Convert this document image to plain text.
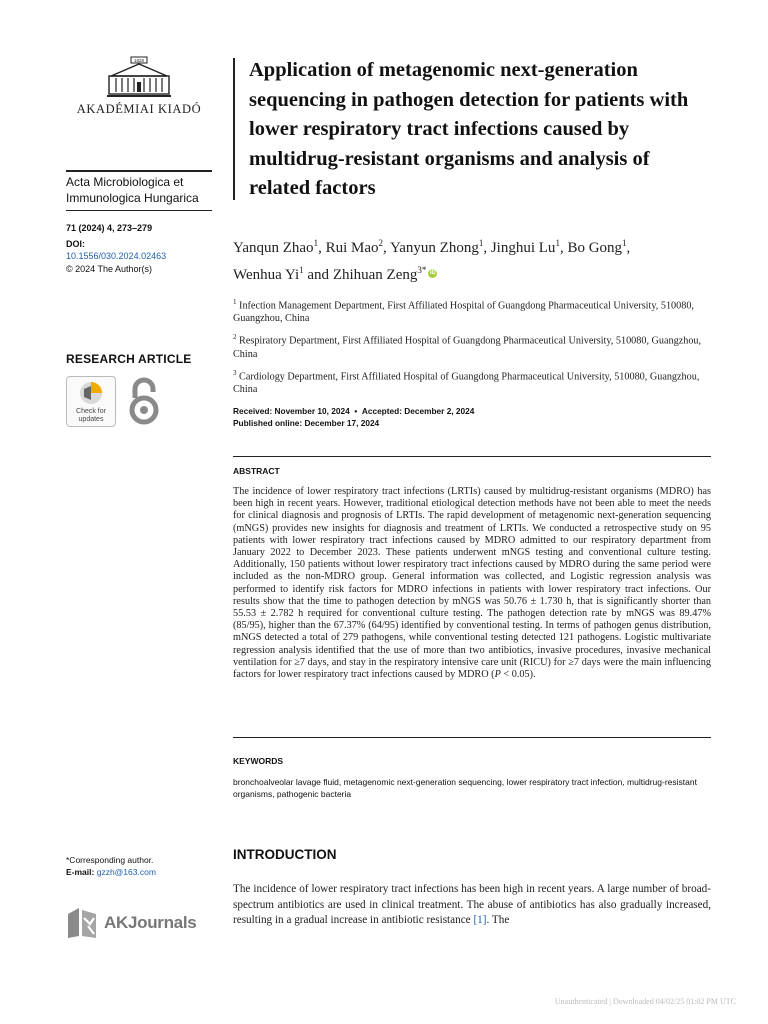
1828
AKADÉMIAI KIADÓ
Acta Microbiologica et
Immunologica Hungarica
71 (2024) 4, 273–279
DOI:
10.1556/030.2024.02463
© 2024 The Author(s)
RESEARCH ARTICLE
Check for
updates
*Corresponding author.
E-mail: gzzh@163.com
AKJournals
Application of metagenomic next-generation sequencing in pathogen detection for patients with lower respiratory tract infections caused by multidrug-resistant organisms and analysis of related factors
Yanqun Zhao$^1$, Rui Mao$^2$, Yanyun Zhong$^1$, Jinghui Lu$^1$, Bo Gong$^1$,
Wenhua Yi$^1$ and Zhihuan Zeng$^{3*}$ iD
$^1$ Infection Management Department, First Affiliated Hospital of Guangdong Pharmaceutical University, 510080, Guangzhou, China
$^2$ Respiratory Department, First Affiliated Hospital of Guangdong Pharmaceutical University, 510080, Guangzhou, China
$^3$ Cardiology Department, First Affiliated Hospital of Guangdong Pharmaceutical University, 510080, Guangzhou, China
Received: November 10, 2024 • Accepted: December 2, 2024
Published online: December 17, 2024
ABSTRACT
The incidence of lower respiratory tract infections (LRTIs) caused by multidrug-resistant organisms (MDRO) has been high in recent years. However, traditional etiological detection methods have not been able to meet the needs for clinical diagnosis and prognosis of LRTIs. The rapid development of metagenomic next-generation sequencing (mNGS) provides new insights for diagnosis and treatment of LRTIs. We conducted a retrospective study on 95 patients with lower respiratory tract infections caused by MDRO admitted to our respiratory department from January 2022 to December 2023. These patients underwent mNGS testing and conventional culture testing. Additionally, 150 patients without lower respiratory tract infections caused by MDRO during the same period were included as the non-MDRO group. General information was collected, and Logistic regression analysis was performed to identify risk factors for MDRO infections in patients with lower respiratory tract infections. Our results show that the time to pathogen detection by mNGS was 50.76 ± 1.730 h, that is significantly shorter than 55.53 ± 2.782 h required for conventional culture testing. The pathogen detection rate by mNGS was 89.47% (85/95), higher than the 67.37% (64/95) identified by conventional testing. In terms of pathogen genus distribution, mNGS detected a total of 279 pathogens, while conventional testing detected 121 pathogens. Logistic multivariate regression analysis identified that the use of more than two antibiotics, invasive procedures, invasive mechanical ventilation for ≥7 days, and stay in the respiratory intensive care unit (RICU) for ≥7 days were the main influencing factors for lower respiratory tract infections caused by MDRO (P < 0.05).
KEYWORDS
bronchoalveolar lavage fluid, metagenomic next-generation sequencing, lower respiratory tract infection, multidrug-resistant organisms, pathogenic bacteria
INTRODUCTION
The incidence of lower respiratory tract infections has been high in recent years. A large number of broad-spectrum antibiotics are used in clinical treatment. The abuse of antibiotics has also gradually increased, resulting in a gradual increase in antibiotic resistance [1]. The
Unauthenticated | Downloaded 04/02/25 01:02 PM UTC
